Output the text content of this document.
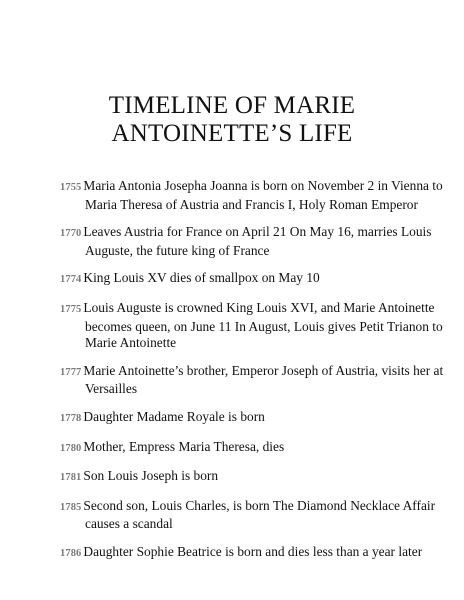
TIMELINE OF MARIE
ANTOINETTE’S LIFE
1755 Maria Antonia Josepha Joanna is born on November 2 in Vienna to Maria Theresa of Austria and Francis I, Holy Roman Emperor
1770 Leaves Austria for France on April 21 On May 16, marries Louis Auguste, the future king of France
1774 King Louis XV dies of smallpox on May 10
1775 Louis Auguste is crowned King Louis XVI, and Marie Antoinette becomes queen, on June 11 In August, Louis gives Petit Trianon to Marie Antoinette
1777 Marie Antoinette’s brother, Emperor Joseph of Austria, visits her at Versailles
1778 Daughter Madame Royale is born
1780 Mother, Empress Maria Theresa, dies
1781 Son Louis Joseph is born
1785 Second son, Louis Charles, is born The Diamond Necklace Affair causes a scandal
1786 Daughter Sophie Beatrice is born and dies less than a year later
